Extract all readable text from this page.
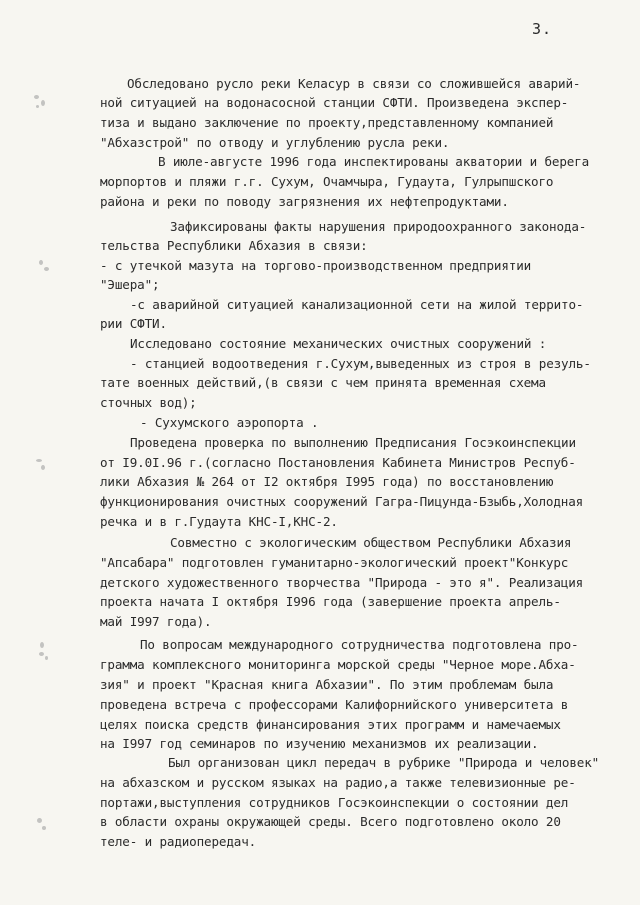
3.
Обследовано русло реки Келасур в связи со сложившейся аварий-
ной ситуацией на водонасосной станции СФТИ. Произведена экспер-
тиза и выдано заключение по проекту,представленному компанией
"Абхазстрой" по отводу и углублению русла реки.
В июле-августе 1996 года инспектированы акватории и берега
морпортов и пляжи г.г. Сухум, Очамчыра, Гудаута, Гулрыпшского
района и реки по поводу загрязнения их нефтепродуктами.
Зафиксированы факты нарушения природоохранного законода-
тельства Республики Абхазия в связи:
- с утечкой мазута на торгово-производственном предприятии
"Эшера";
-с аварийной ситуацией канализационной сети на жилой террито-
рии СФТИ.
Исследовано состояние механических очистных сооружений :
- станцией водоотведения г.Сухум,выведенных из строя в резуль-
тате военных действий,(в связи с чем принята временная схема
сточных вод);
- Сухумского аэропорта .
Проведена проверка по выполнению Предписания Госэкоинспекции
от I9.0I.96 г.(согласно Постановления Кабинета Министров Респуб-
лики Абхазия № 264 от I2 октября I995 года) по восстановлению
функционирования очистных сооружений Гагра-Пицунда-Бзыбь,Холодная
речка и в г.Гудаута КНС-I,КНС-2.
Совместно с экологическим обществом Республики Абхазия
"Апсабара" подготовлен гуманитарно-экологический проект"Конкурс
детского художественного творчества "Природа - это я". Реализация
проекта начата I октября I996 года (завершение проекта апрель-
май I997 года).
По вопросам международного сотрудничества подготовлена про-
грамма комплексного мониторинга морской среды "Черное море.Абха-
зия" и проект "Красная книга Абхазии". По этим проблемам была
проведена встреча с профессорами Калифорнийского университета в
целях поиска средств финансирования этих программ и намечаемых
на I997 год семинаров по изучению механизмов их реализации.
Был организован цикл передач в рубрике "Природа и человек"
на абхазском и русском языках на радио,а также телевизионные ре-
портажи,выступления сотрудников Госэкоинспекции о состоянии дел
в области охраны окружающей среды. Всего подготовлено около 20
теле- и радиопередач.
